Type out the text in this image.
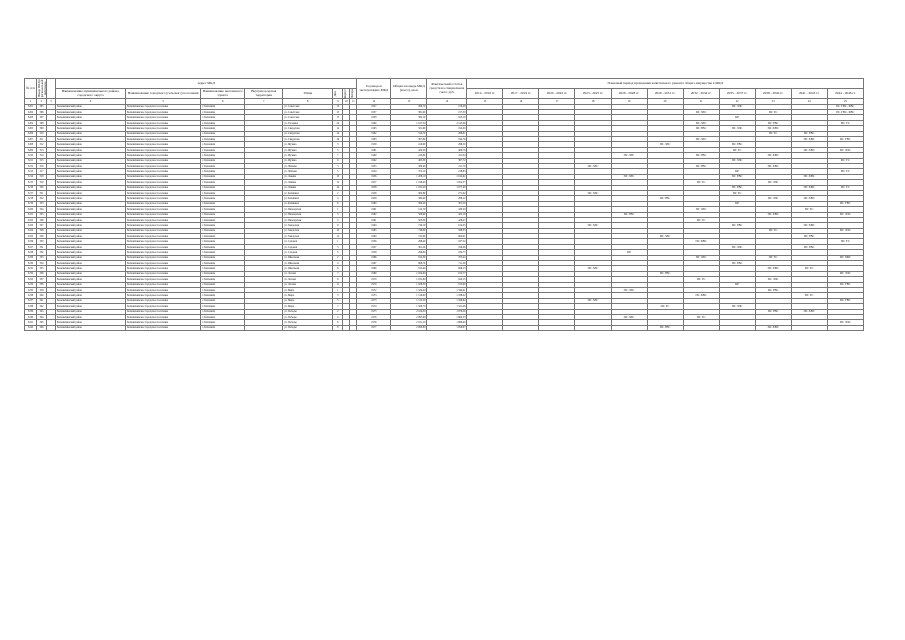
№ п/п	Номер МКД в региональной программе		Адрес МКД								Год ввода в эксплуатацию МКД	Общая площадь МКД (всего), кв.м	Фактический остаток средств на специальном счете, руб.	Плановый период проведения капитального ремонта общего имущества в МКД										
			Наименование муниципального района, городского округа	Наименование городского (сельского) поселения	Наименование населенного пункта	Внутригородская территория	Улица	Дом	Корпус	Литера				2014 - 2016 гг.	2017 - 2019 гг.	2020 - 2022 гг.	2023 - 2025 гг.	2026 - 2028 гг.	2029 - 2031 гг.	2032 - 2034 гг.	2035 - 2037 гг.	2038 - 2040 гг.	2041 - 2043 гг.	2044 - 2046 гг.
1	2	3	4	5	6	7	8	9	10	11	12	13	14	15	16	17	18	19	20	21	22	23	24	25
5201	305		Балашихинский район	Балашихинское городское поселение	г. Балашиха		ул. Советская	13			1957	380,70	156,48								ПС ЭЛС			ПС ГВС, ХВС
5202	306		Балашихинский район	Балашихинское городское поселение	г. Балашиха		ул. Советская	15			1957	381,60	157,30							ПС ЭЛС		ПС ТС		ПС ГВС, ХВС
5203	307		Балашихинский район	Балашихинское городское поселение	г. Балашиха		ул. Советская	17			1958	382,10	165,10								КР			
5204	308		Балашихинский район	Балашихинское городское поселение	г. Балашиха		ул. Гагарина	24			1960	1 617,50	2 145,06							ПС ЭЛС		ПС ГВС		ПС ТС
5205	309		Балашихинский район	Балашихинское городское поселение	г. Балашиха		ул. Свердлова	12			1963	321,60	192,00							ПС ГВС	ПС ЭЛС	ПС ХВС		
5206	310		Балашихинский район	Балашихинское городское поселение	г. Балашиха		ул. Свердлова	14			1962	314,70	288,61									ПС ТС	ПС ГВС	
5207	311		Балашихинский район	Балашихинское городское поселение	г. Балашиха		ул. Свердлова	16			1963	307,80	194,76							ПС ЭЛС			ПС ХВС	ПС ГВС
5208	312		Балашихинский район	Балашихинское городское поселение	г. Балашиха		ул. Фучика	3			1959	410,60	298,50						ПС ЭЛС		ПС ГВС			
5209	313		Балашихинский район	Балашихинское городское поселение	г. Балашиха		ул. Фучика	5			1961	420,30	466,76								ПС ТС		ПС ХВС	ПС ЭЛС
5210	314		Балашихинский район	Балашихинское городское поселение	г. Балашиха		ул. Фучика	7			1960	413,80	411,04					ПС ЭЛС		ПС ГВС		ПС ХВС		
5211	315		Балашихинский район	Балашихинское городское поселение	г. Балашиха		ул. Фучика	9			1962	403,30	397,72								ПС ЭЛС			ПС ТС
5212	316		Балашихинский район	Балашихинское городское поселение	г. Балашиха		ул. Чапаева	3			1955	380,40	211,70				ПС ЭЛС			ПС ГВС		ПС ХВС		
5213	317		Балашихинский район	Балашихинское городское поселение	г. Балашиха		ул. Чапаева	5			1954	372,10	218,83								КР			ПС ТС
5214	318		Балашихинский район	Балашихинское городское поселение	г. Балашиха		ул. Ленина	10			1956	1 208,10	1 014,62					ПС ЭЛС			ПС ГВС		ПС ХВС	
5215	319		Балашихинский район	Балашихинское городское поселение	г. Балашиха		ул. Ленина	12			1957	1 196,40	1 052,57							ПС ТС		ПС ЭЛС		
5216	320		Балашихинский район	Балашихинское городское поселение	г. Балашиха		ул. Ленина	14			1958	1 181,20	1 077,40								ПС ГВС		ПС ХВС	ПС ТС
5217	321		Балашихинский район	Балашихинское городское поселение	г. Балашиха		ул. Калинина	2			1959	362,80	271,92				ПС ЭЛС				ПС ТС			
5218	322		Балашихинский район	Балашихинское городское поселение	г. Балашиха		ул. Калинина	4			1958	364,40	268,12						ПС ГВС			ПС ЭЛС	ПС ХВС	
5219	323		Балашихинский район	Балашихинское городское поселение	г. Балашиха		ул. Калинина	6			1960	360,20	301,50								КР			ПС ГВС
5220	324		Балашихинский район	Балашихинское городское поселение	г. Балашиха		ул. Пионерская	1			1961	512,70	430,20							ПС ЭЛС			ПС ТС	
5221	325		Балашихинский район	Балашихинское городское поселение	г. Балашиха		ул. Пионерская	3			1962	508,90	422,18					ПС ГВС				ПС ХВС		ПС ЭЛС
5222	326		Балашихинский район	Балашихинское городское поселение	г. Балашиха		ул. Пионерская	5			1961	505,30	428,47							ПС ТС				
5223	327		Балашихинский район	Балашихинское городское поселение	г. Балашиха		ул. Заводская	8			1964	740,10	612,05				ПС ЭЛС				ПС ГВС		ПС ХВС	
5224	328		Балашихинский район	Балашихинское городское поселение	г. Балашиха		ул. Заводская	10			1965	736,60	598,33									ПС ТС		ПС ЭЛС
5225	329		Балашихинский район	Балашихинское городское поселение	г. Балашиха		ул. Заводская	12			1964	741,90	604,91						ПС ЭЛС				ПС ГВС	
5226	330		Балашихинский район	Балашихинское городское поселение	г. Балашиха		ул. Садовая	1			1956	298,40	187,52							ПС ХВС				ПС ТС
5227	331		Балашихинский район	Балашихинское городское поселение	г. Балашиха		ул. Садовая	3			1957	301,20	190,06								ПС ЭЛС		ПС ГВС	
5228	332		Балашихинский район	Балашихинское городское поселение	г. Балашиха		ул. Садовая	5			1958	296,80	184,77					КР						
5229	333		Балашихинский район	Балашихинское городское поселение	г. Балашиха		ул. Школьная	2			1966	812,30	705,44							ПС ЭЛС		ПС ТС		ПС ХВС
5230	334		Балашихинский район	Балашихинское городское поселение	г. Балашиха		ул. Школьная	4			1967	808,70	711,29								ПС ГВС			
5231	335		Балашихинский район	Балашихинское городское поселение	г. Балашиха		ул. Школьная	6			1966	815,40	698,13				ПС ЭЛС					ПС ХВС	ПС ТС	
5232	336		Балашихинский район	Балашихинское городское поселение	г. Балашиха		ул. Лесная	7			1969	1 024,60	912,77						ПС ГВС					ПС ЭЛС
5233	337		Балашихинский район	Балашихинское городское поселение	г. Балашиха		ул. Лесная	9			1970	1 031,80	920,15							ПС ТС		ПС ЭЛС		
5234	338		Балашихинский район	Балашихинское городское поселение	г. Балашиха		ул. Лесная	11			1970	1 028,30	915,60								КР			ПС ГВС
5235	339		Балашихинский район	Балашихинское городское поселение	г. Балашиха		ул. Мира	1			1972	1 520,40	1 344,91					ПС ЭЛС				ПС ГВС		
5236	340		Балашихинский район	Балашихинское городское поселение	г. Балашиха		ул. Мира	3			1973	1 516,90	1 338,02							ПС ХВС			ПС ТС	
5237	341		Балашихинский район	Балашихинское городское поселение	г. Балашиха		ул. Мира	5			1973	1 512,20	1 329,64				ПС ЭЛС							ПС ГВС
5238	342		Балашихинский район	Балашихинское городское поселение	г. Балашиха		ул. Мира	7			1974	1 509,70	1 321,48						ПС ТС		ПС ЭЛС			
5239	343		Балашихинский район	Балашихинское городское поселение	г. Балашиха		ул. Победы	2			1975	2 104,30	1 870,26									ПС ГВС	ПС ХВС	
5240	344		Балашихинский район	Балашихинское городское поселение	г. Балашиха		ул. Победы	4			1976	2 097,60	1 862,53					ПС ЭЛС		ПС ТС				
5241	345		Балашихинский район	Балашихинское городское поселение	г. Балашиха		ул. Победы	6			1976	2 101,10	1 866,40											ПС ЭЛС
5242	346		Балашихинский район	Балашихинское городское поселение	г. Балашиха		ул. Победы	8			1977	2 095,80	1 859,97						ПС ГВС			ПС ХВС		
